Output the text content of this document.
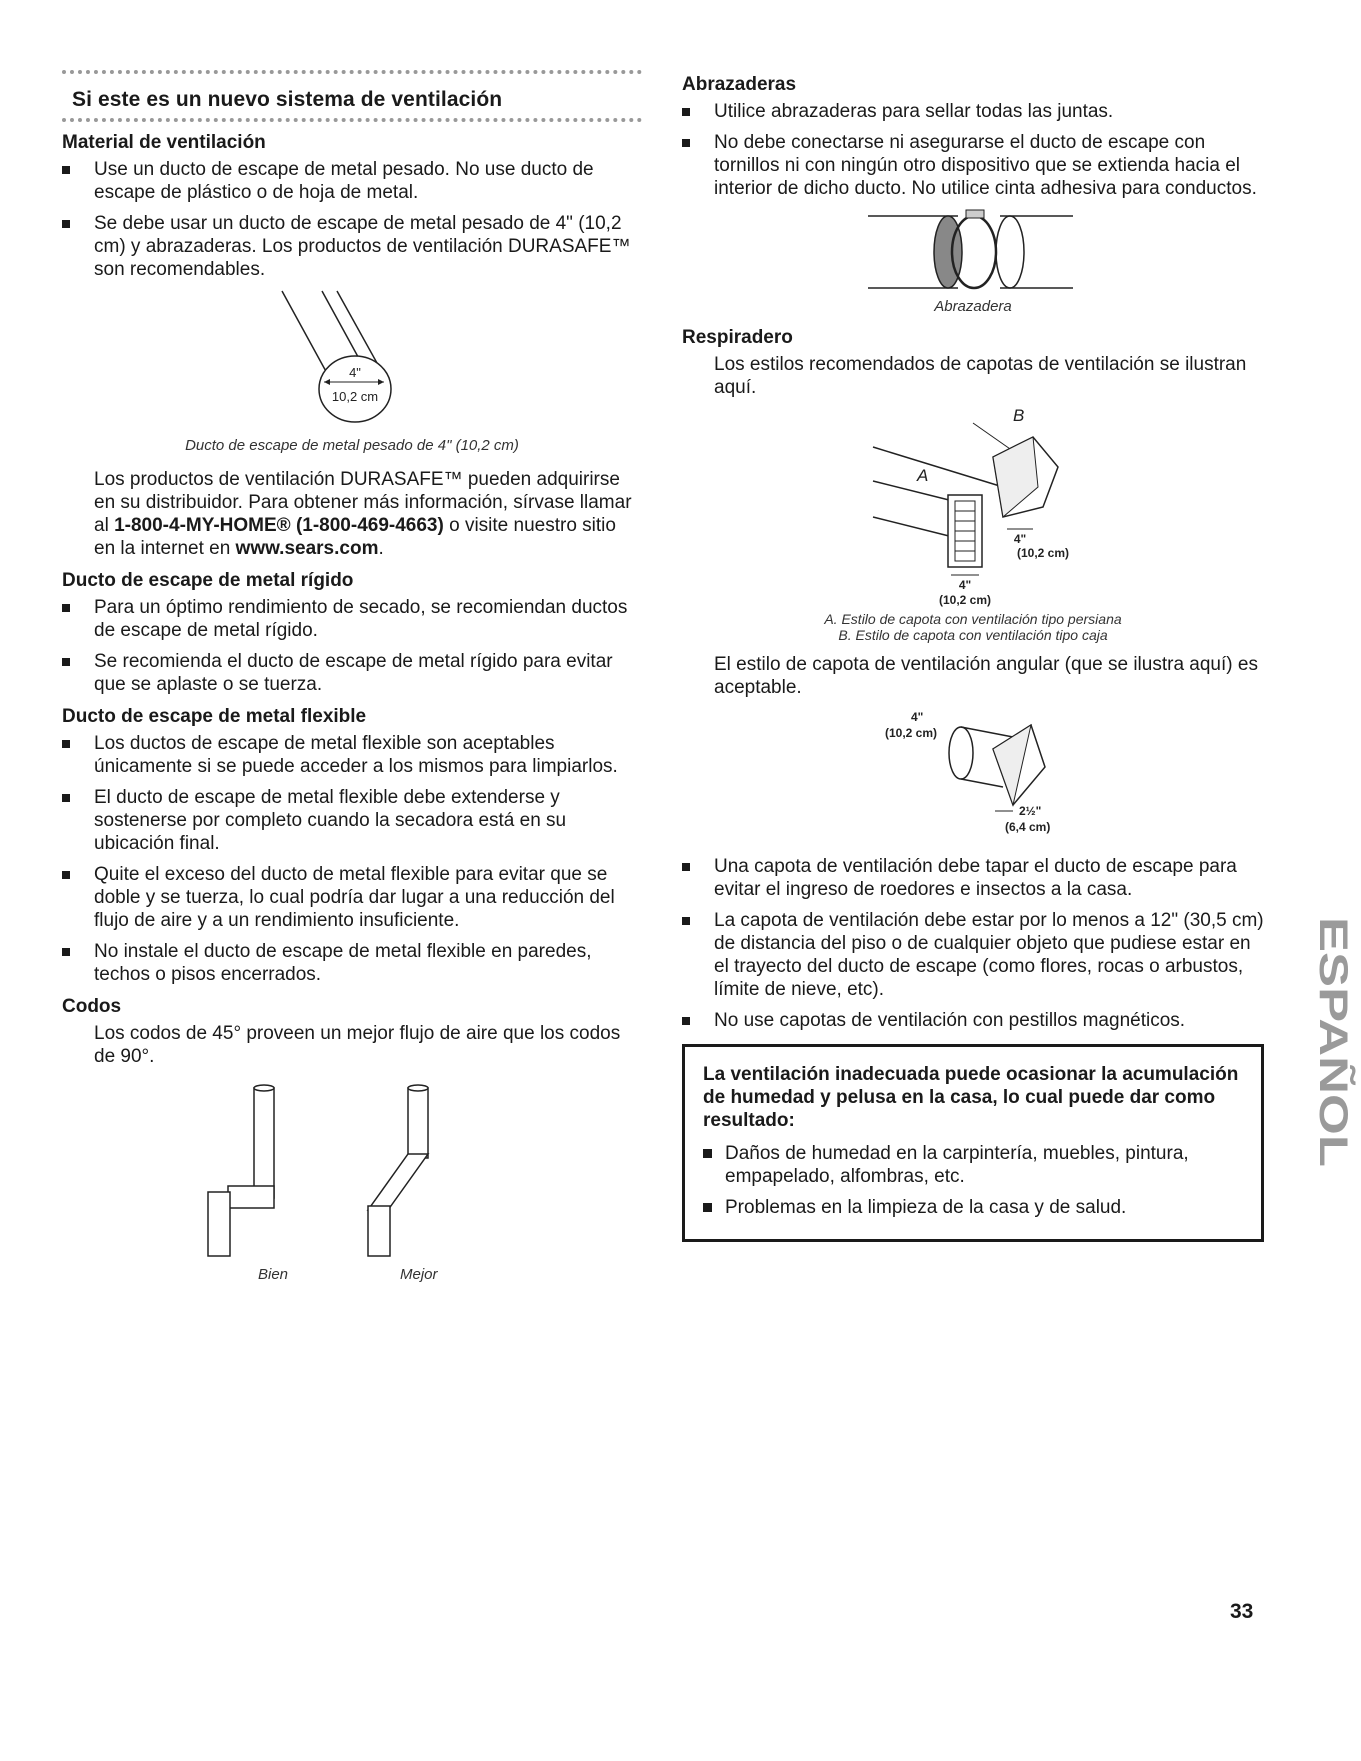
Si este es un nuevo sistema de ventilación
Material de ventilación
Use un ducto de escape de metal pesado. No use ducto de escape de plástico o de hoja de metal.
Se debe usar un ducto de escape de metal pesado de 4" (10,2 cm) y abrazaderas. Los productos de ventilación DURASAFE™ son recomendables.
4"
10,2 cm
Ducto de escape de metal pesado de 4" (10,2 cm)

Los productos de ventilación DURASAFE™ pueden adquirirse en su distribuidor. Para obtener más información, sírvase llamar al 1-800-4-MY-HOME® (1-800-469-4663) o visite nuestro sitio en la internet en www.sears.com.

Ducto de escape de metal rígido
Para un óptimo rendimiento de secado, se recomiendan ductos de escape de metal rígido.
Se recomienda el ducto de escape de metal rígido para evitar que se aplaste o se tuerza.
Ducto de escape de metal flexible
Los ductos de escape de metal flexible son aceptables únicamente si se puede acceder a los mismos para limpiarlos.
El ducto de escape de metal flexible debe extenderse y sostenerse por completo cuando la secadora está en su ubicación final.
Quite el exceso del ducto de metal flexible para evitar que se doble y se tuerza, lo cual podría dar lugar a una reducción del flujo de aire y a un rendimiento insuficiente.
No instale el ducto de escape de metal flexible en paredes, techos o pisos encerrados.
Codos

Los codos de 45° proveen un mejor flujo de aire que los codos de 90°.

Bien	Mejor
Abrazaderas
Utilice abrazaderas para sellar todas las juntas.
No debe conectarse ni asegurarse el ducto de escape con tornillos ni con ningún otro dispositivo que se extienda hacia el interior de dicho ducto. No utilice cinta adhesiva para conductos.
Abrazadera
Respiradero

Los estilos recomendados de capotas de ventilación se ilustran aquí.

B
A
4"
(10,2 cm)
4"
(10,2 cm)
A. Estilo de capota con ventilación tipo persiana
B. Estilo de capota con ventilación tipo caja

El estilo de capota de ventilación angular (que se ilustra aquí) es aceptable.

4"
(10,2 cm)
2½"
(6,4 cm)
Una capota de ventilación debe tapar el ducto de escape para evitar el ingreso de roedores e insectos a la casa.
La capota de ventilación debe estar por lo menos a 12" (30,5 cm) de distancia del piso o de cualquier objeto que pudiese estar en el trayecto del ducto de escape (como flores, rocas o arbustos, límite de nieve, etc).
No use capotas de ventilación con pestillos magnéticos.

La ventilación inadecuada puede ocasionar la acumulación de humedad y pelusa en la casa, lo cual puede dar como resultado:

Daños de humedad en la carpintería, muebles, pintura, empapelado, alfombras, etc.
Problemas en la limpieza de la casa y de salud.
ESPAÑOL
33
